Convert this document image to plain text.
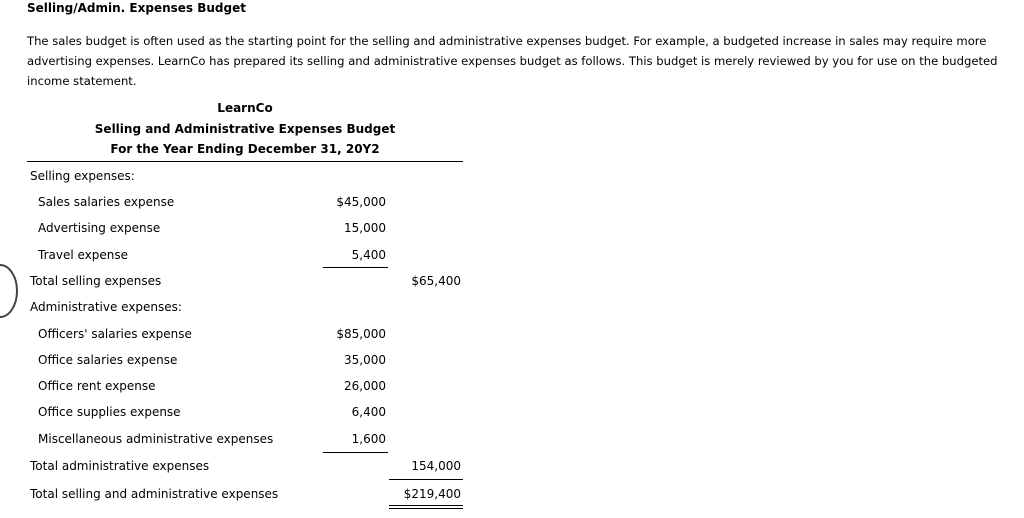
Selling/Admin. Expenses Budget
The sales budget is often used as the starting point for the selling and administrative expenses budget. For example, a budgeted increase in sales may require more advertising expenses. LearnCo has prepared its selling and administrative expenses budget as follows. This budget is merely reviewed by you for use on the budgeted income statement.
LearnCo
Selling and Administrative Expenses Budget
For the Year Ending December 31, 20Y2
Selling expenses:
Sales salaries expense	$45,000
Advertising expense	15,000
Travel expense	5,400
Total selling expenses	$65,400
Administrative expenses:
Officers' salaries expense	$85,000
Office salaries expense	35,000
Office rent expense	26,000
Office supplies expense	6,400
Miscellaneous administrative expenses	1,600
Total administrative expenses	154,000
Total selling and administrative expenses	$219,400
